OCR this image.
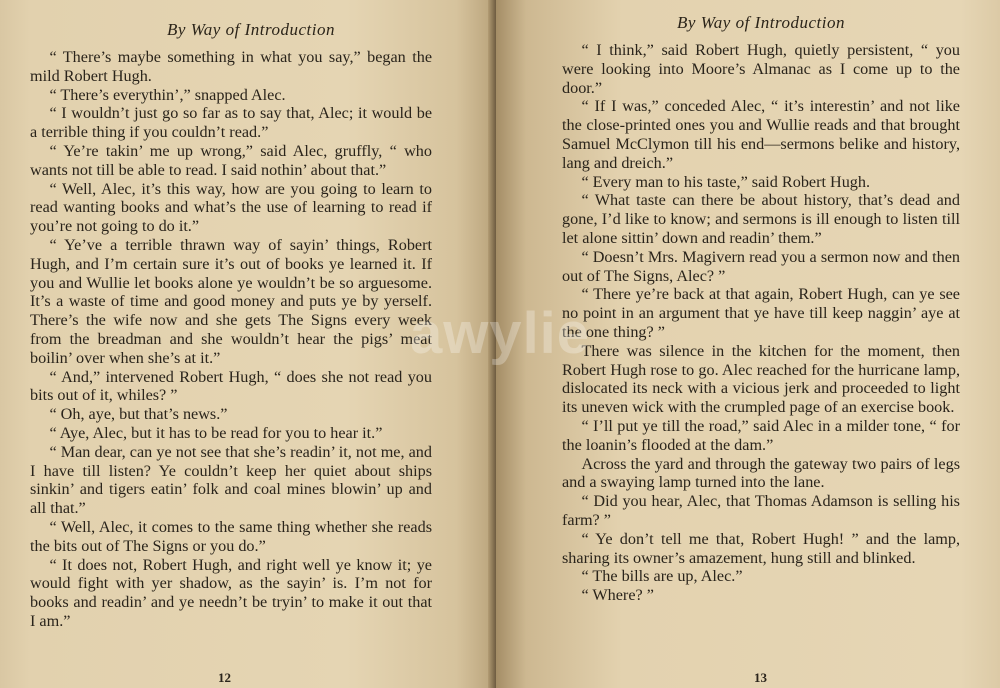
By Way of Introduction

“ There’s maybe something in what you say,” began the mild Robert Hugh.

“ There’s everythin’,” snapped Alec.

“ I wouldn’t just go so far as to say that, Alec; it would be a terrible thing if you couldn’t read.”

“ Ye’re takin’ me up wrong,” said Alec, gruffly, “ who wants not till be able to read. I said nothin’ about that.”

“ Well, Alec, it’s this way, how are you going to learn to read wanting books and what’s the use of learning to read if you’re not going to do it.”

“ Ye’ve a terrible thrawn way of sayin’ things, Robert Hugh, and I’m certain sure it’s out of books ye learned it. If you and Wullie let books alone ye wouldn’t be so arguesome. It’s a waste of time and good money and puts ye by yerself. There’s the wife now and she gets The Signs every week from the breadman and she wouldn’t hear the pigs’ meat boilin’ over when she’s at it.”

“ And,” intervened Robert Hugh, “ does she not read you bits out of it, whiles? ”

“ Oh, aye, but that’s news.”

“ Aye, Alec, but it has to be read for you to hear it.”

“ Man dear, can ye not see that she’s readin’ it, not me, and I have till listen? Ye couldn’t keep her quiet about ships sinkin’ and tigers eatin’ folk and coal mines blowin’ up and all that.”

“ Well, Alec, it comes to the same thing whether she reads the bits out of The Signs or you do.”

“ It does not, Robert Hugh, and right well ye know it; ye would fight with yer shadow, as the sayin’ is. I’m not for books and readin’ and ye needn’t be tryin’ to make it out that I am.”

12
By Way of Introduction

“ I think,” said Robert Hugh, quietly persistent, “ you were looking into Moore’s Almanac as I come up to the door.”

“ If I was,” conceded Alec, “ it’s interestin’ and not like the close-printed ones you and Wullie reads and that brought Samuel McClymon till his end—sermons belike and history, lang and dreich.”

“ Every man to his taste,” said Robert Hugh.

“ What taste can there be about history, that’s dead and gone, I’d like to know; and sermons is ill enough to listen till let alone sittin’ down and readin’ them.”

“ Doesn’t Mrs. Magivern read you a sermon now and then out of The Signs, Alec? ”

“ There ye’re back at that again, Robert Hugh, can ye see no point in an argument that ye have till keep naggin’ aye at the one thing? ”

There was silence in the kitchen for the moment, then Robert Hugh rose to go. Alec reached for the hurricane lamp, dislocated its neck with a vicious jerk and proceeded to light its uneven wick with the crumpled page of an exercise book.

“ I’ll put ye till the road,” said Alec in a milder tone, “ for the loanin’s flooded at the dam.”

Across the yard and through the gateway two pairs of legs and a swaying lamp turned into the lane.

“ Did you hear, Alec, that Thomas Adamson is selling his farm? ”

“ Ye don’t tell me that, Robert Hugh! ” and the lamp, sharing its owner’s amazement, hung still and blinked.

“ The bills are up, Alec.”

“ Where? ”

13
awylie
